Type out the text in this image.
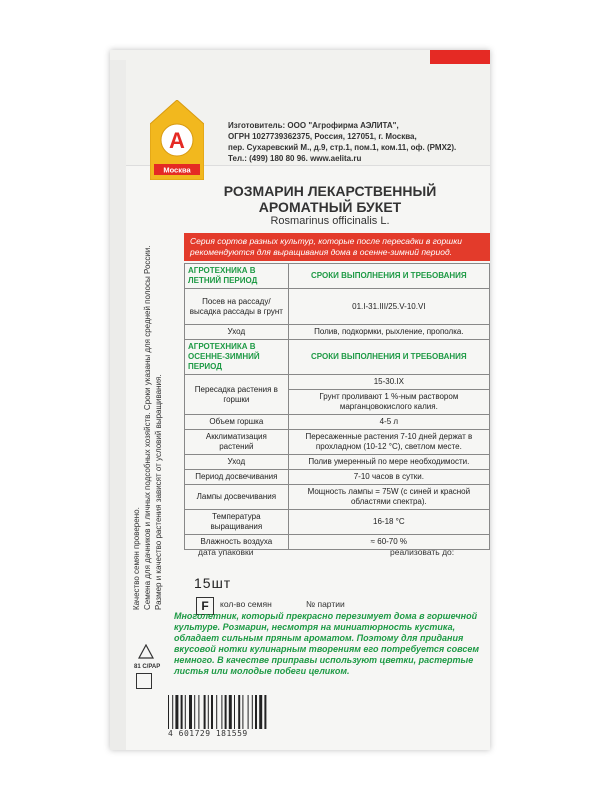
А
Москва
Изготовитель: ООО "Агрофирма АЭЛИТА",
ОГРН 1027739362375, Россия, 127051, г. Москва,
пер. Сухаревский М., д.9, стр.1, пом.1, ком.11, оф. (РМХ2).
Тел.: (499) 180 80 96. www.aelita.ru
РОЗМАРИН ЛЕКАРСТВЕННЫЙ
АРОМАТНЫЙ БУКЕТ
Rosmarinus officinalis L.
Серия сортов разных культур, которые после пересадки в горшки рекомендуются для выращивания дома в осенне-зимний период.
Качество семян проверено. Семена для дачников и личных подсобных хозяйств. Сроки указаны для средней полосы России. Размер и качество растения зависят от условий выращивания.
АГРОТЕХНИКА В ЛЕТНИЙ ПЕРИОД	СРОКИ ВЫПОЛНЕНИЯ И ТРЕБОВАНИЯ
Посев на рассаду/ высадка рассады в грунт	01.I-31.III/25.V-10.VI
Уход	Полив, подкормки, рыхление, прополка.
АГРОТЕХНИКА В ОСЕННЕ-ЗИМНИЙ ПЕРИОД	СРОКИ ВЫПОЛНЕНИЯ И ТРЕБОВАНИЯ
Пересадка растения в горшки	15-30.IX
	Грунт проливают 1 %-ным раствором марганцовокислого калия.
Объем горшка	4-5 л
Акклиматизация растений	Пересаженные растения 7-10 дней держат в прохладном (10-12 °С), светлом месте.
Уход	Полив умеренный по мере необходимости.
Период досвечивания	7-10 часов в сутки.
Лампы досвечивания	Мощность лампы = 75W (с синей и красной областями спектра).
Температура выращивания	16-18 °С
Влажность воздуха	≈ 60-70 %
дата упаковки	реализовать до:
15шт
F	кол-во семян	№ партии
81 C/PAP
Многолетник, который прекрасно перезимует дома в горшечной культуре. Розмарин, несмотря на миниатюрность кустика, обладает сильным пряным ароматом. Поэтому для придания вкусовой нотки кулинарным творениям его потребуется совсем немного. В качестве приправы используют цветки, растертые листья или молодые побеги целиком.
4 601729 181559
